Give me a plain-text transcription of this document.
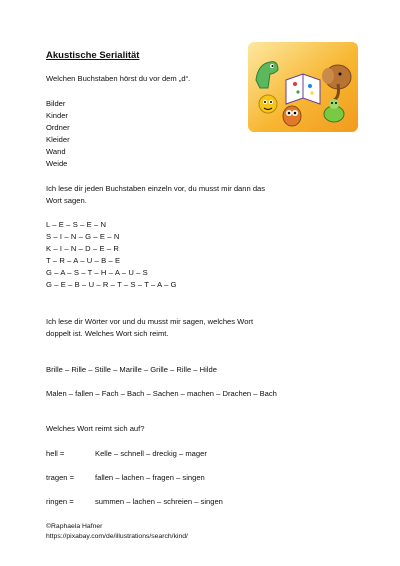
Akustische Serialität
Welchen Buchstaben hörst du vor dem „d“.
Bilder
Kinder
Ordner
Kleider
Wand
Weide
Ich lese dir jeden Buchstaben einzeln vor, du musst mir dann das
Wort sagen.
L – E – S – E – N
S – I – N – G – E – N
K – I – N – D – E – R
T – R – A – U – B – E
G – A – S – T – H – A – U – S
G – E – B – U – R – T – S – T – A – G
Ich lese dir Wörter vor und du musst mir sagen, welches Wort
doppelt ist. Welches Wort sich reimt.
Brille – Rille – Stille – Marille – Grille – Rille – Hilde
Malen – fallen – Fach – Bach – Sachen – machen – Drachen – Bach
Welches Wort reimt sich auf?
hell =	Kelle – schnell – dreckig – mager
tragen =	fallen – lachen – fragen – singen
ringen =	summen – lachen – schreien – singen
©Raphaela Hafner
https://pixabay.com/de/illustrations/search/kind/
